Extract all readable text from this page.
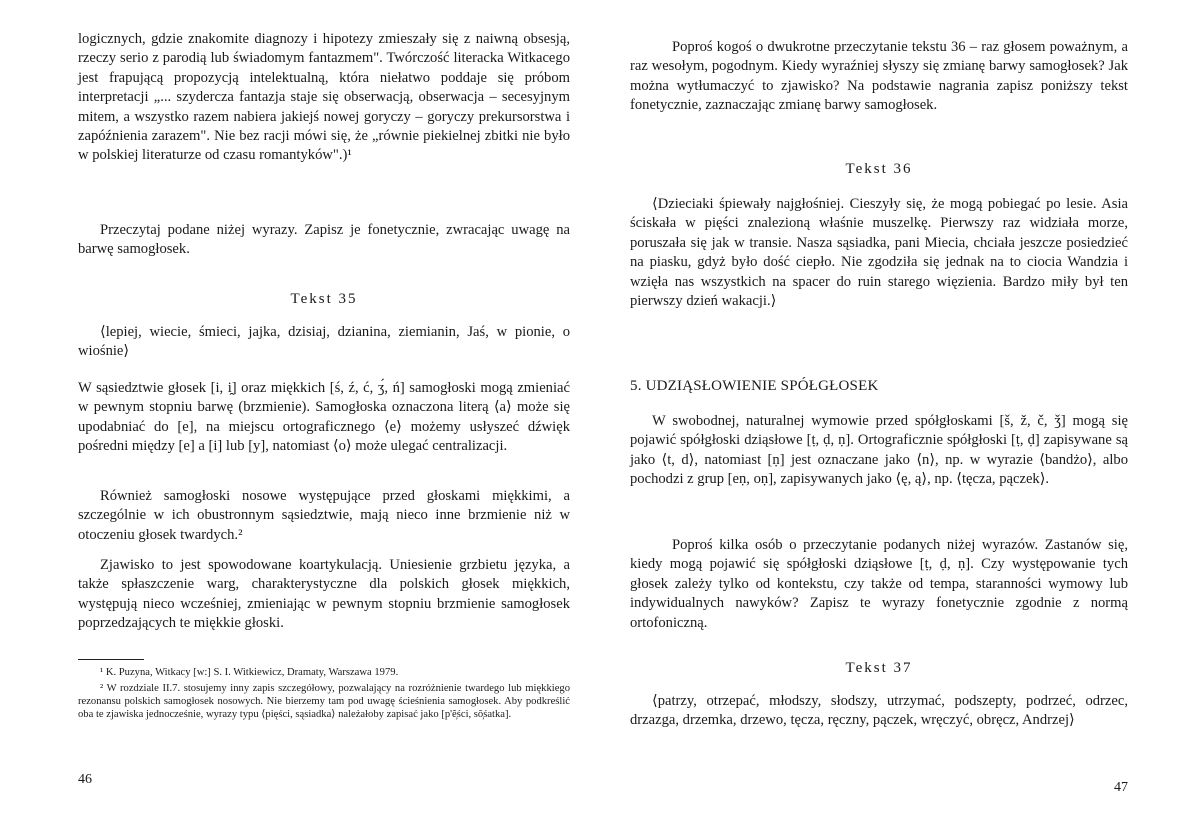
logicznych, gdzie znakomite diagnozy i hipotezy zmieszały się z naiwną obsesją, rzeczy serio z parodią lub świadomym fantazmem". Twórczość literacka Witkacego jest frapującą propozycją intelektualną, która niełatwo poddaje się próbom interpretacji „... szydercza fantazja staje się obserwacją, obserwacja – secesyjnym mitem, a wszystko razem nabiera jakiejś nowej goryczy – goryczy prekursorstwa i zapóźnienia zarazem". Nie bez racji mówi się, że „równie piekielnej zbitki nie było w polskiej literaturze od czasu romantyków".)¹

Przeczytaj podane niżej wyrazy. Zapisz je fonetycznie, zwracając uwagę na barwę samogłosek.

Tekst 35

⟨lepiej, wiecie, śmieci, jajka, dzisiaj, dzianina, ziemianin, Jaś, w pionie, o wiośnie⟩

W sąsiedztwie głosek [i, i̯] oraz miękkich [ś, ź, ć, ʒ́, ń] samogłoski mogą zmieniać w pewnym stopniu barwę (brzmienie). Samogłoska oznaczona literą ⟨a⟩ może się upodabniać do [e], na miejscu ortograficznego ⟨e⟩ możemy usłyszeć dźwięk pośredni między [e] a [i] lub [y], natomiast ⟨o⟩ może ulegać centralizacji.

Również samogłoski nosowe występujące przed głoskami miękkimi, a szczególnie w ich obustronnym sąsiedztwie, mają nieco inne brzmienie niż w otoczeniu głosek twardych.²

Zjawisko to jest spowodowane koartykulacją. Uniesienie grzbietu języka, a także spłaszczenie warg, charakterystyczne dla polskich głosek miękkich, występują nieco wcześniej, zmieniając w pewnym stopniu brzmienie samogłosek poprzedzających te miękkie głoski.

¹ K. Puzyna, Witkacy [w:] S. I. Witkiewicz, Dramaty, Warszawa 1979.

² W rozdziale II.7. stosujemy inny zapis szczegółowy, pozwalający na rozróżnienie twardego lub miękkiego rezonansu polskich samogłosek nosowych. Nie bierzemy tam pod uwagę ścieśnienia samogłosek. Aby podkreślić oba te zjawiska jednocześnie, wyrazy typu ⟨pięści, sąsiadka⟩ należałoby zapisać jako [p'ẽ̦ści, sõ̦śatka].

46

Poproś kogoś o dwukrotne przeczytanie tekstu 36 – raz głosem poważnym, a raz wesołym, pogodnym. Kiedy wyraźniej słyszy się zmianę barwy samogłosek? Jak można wytłumaczyć to zjawisko? Na podstawie nagrania zapisz poniższy tekst fonetycznie, zaznaczając zmianę barwy samogłosek.

Tekst 36

⟨Dzieciaki śpiewały najgłośniej. Cieszyły się, że mogą pobiegać po lesie. Asia ściskała w pięści znalezioną właśnie muszelkę. Pierwszy raz widziała morze, poruszała się jak w transie. Nasza sąsiadka, pani Miecia, chciała jeszcze posiedzieć na piasku, gdyż było dość ciepło. Nie zgodziła się jednak na to ciocia Wandzia i wzięła nas wszystkich na spacer do ruin starego więzienia. Bardzo miły był ten pierwszy dzień wakacji.⟩

5. UDZIĄSŁOWIENIE SPÓŁGŁOSEK

W swobodnej, naturalnej wymowie przed spółgłoskami [š, ž, č, ǯ] mogą się pojawić spółgłoski dziąsłowe [ṭ, ḍ, ṇ]. Ortograficznie spółgłoski [ṭ, ḍ] zapisywane są jako ⟨t, d⟩, natomiast [ṇ] jest oznaczane jako ⟨n⟩, np. w wyrazie ⟨bandżo⟩, albo pochodzi z grup [eṇ, oṇ], zapisywanych jako ⟨ę, ą⟩, np. ⟨tęcza, pączek⟩.

Poproś kilka osób o przeczytanie podanych niżej wyrazów. Zastanów się, kiedy mogą pojawić się spółgłoski dziąsłowe [ṭ, ḍ, ṇ]. Czy występowanie tych głosek zależy tylko od kontekstu, czy także od tempa, staranności wymowy lub indywidualnych nawyków? Zapisz te wyrazy fonetycznie zgodnie z normą ortofoniczną.

Tekst 37

⟨patrzy, otrzepać, młodszy, słodszy, utrzymać, podszepty, podrzeć, odrzec, drzazga, drzemka, drzewo, tęcza, ręczny, pączek, wręczyć, obręcz, Andrzej⟩

47
